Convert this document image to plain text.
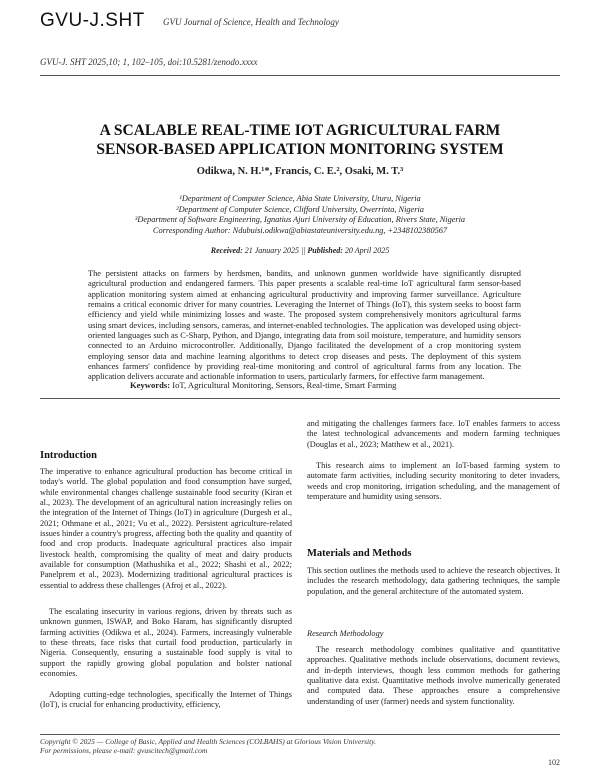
GVU-J.SHT GVU Journal of Science, Health and Technology
GVU-J. SHT 2025,10; 1, 102–105, doi:10.5281/zenodo.xxxx
A SCALABLE REAL-TIME IOT AGRICULTURAL FARM
SENSOR-BASED APPLICATION MONITORING SYSTEM
Odikwa, N. H.¹*, Francis, C. E.², Osaki, M. T.³
¹Department of Computer Science, Abia State University, Uturu, Nigeria
²Department of Computer Science, Clifford University, Owerrinta, Nigeria
³Department of Software Engineering, Ignatius Ajuri University of Education, Rivers State, Nigeria
Corresponding Author: Ndubuisi.odikwa@abiastateuniversity.edu.ng, +2348102380567
Received: 21 January 2025 || Published: 20 April 2025
The persistent attacks on farmers by herdsmen, bandits, and unknown gunmen worldwide have significantly disrupted agricultural production and endangered farmers. This paper presents a scalable real-time IoT agricultural farm sensor-based application monitoring system aimed at enhancing agricultural productivity and improving farmer surveillance. Agriculture remains a critical economic driver for many countries. Leveraging the Internet of Things (IoT), this system seeks to boost farm efficiency and yield while minimizing losses and waste. The proposed system comprehensively monitors agricultural farms using smart devices, including sensors, cameras, and internet-enabled technologies. The application was developed using object-oriented languages such as C-Sharp, Python, and Django, integrating data from soil moisture, temperature, and humidity sensors connected to an Arduino microcontroller. Additionally, Django facilitated the development of a crop monitoring system employing sensor data and machine learning algorithms to detect crop diseases and pests. The deployment of this system enhances farmers' confidence by providing real-time monitoring and control of agricultural farms from any location. The application delivers accurate and actionable information to users, particularly farmers, for effective farm management.
Keywords: IoT, Agricultural Monitoring, Sensors, Real-time, Smart Farming
Introduction
The imperative to enhance agricultural production has become critical in today's world. The global population and food consumption have surged, while environmental changes challenge sustainable food security (Kiran et al., 2023). The development of an agricultural nation increasingly relies on the integration of the Internet of Things (IoT) in agriculture (Durgesh et al., 2021; Othmane et al., 2021; Vu et al., 2022). Persistent agriculture-related issues hinder a country's progress, affecting both the quality and quantity of food and crop products. Inadequate agricultural practices also impair livestock health, compromising the quality of meat and dairy products available for consumption (Mathushika et al., 2022; Shashi et al., 2022; Panelprem et al., 2023). Modernizing traditional agricultural practices is essential to address these challenges (Afroj et al., 2022).
The escalating insecurity in various regions, driven by threats such as unknown gunmen, ISWAP, and Boko Haram, has significantly disrupted farming activities (Odikwa et al., 2024). Farmers, increasingly vulnerable to these threats, face risks that curtail food production, particularly in Nigeria. Consequently, ensuring a sustainable food supply is vital to support the rapidly growing global population and bolster national economies.
Adopting cutting-edge technologies, specifically the Internet of Things (IoT), is crucial for enhancing productivity, efficiency,
and mitigating the challenges farmers face. IoT enables farmers to access the latest technological advancements and modern farming techniques (Douglas et al., 2023; Matthew et al., 2021).
This research aims to implement an IoT-based farming system to automate farm activities, including security monitoring to deter invaders, weeds and crop monitoring, irrigation scheduling, and the management of temperature and humidity using sensors.
Materials and Methods
This section outlines the methods used to achieve the research objectives. It includes the research methodology, data gathering techniques, the sample population, and the general architecture of the automated system.
Research Methodology
The research methodology combines qualitative and quantitative approaches. Qualitative methods include observations, document reviews, and in-depth interviews, though less common methods for gathering qualitative data exist. Quantitative methods involve numerically generated and computed data. These approaches ensure a comprehensive understanding of user (farmer) needs and system functionality.
Copyright © 2025 — College of Basic, Applied and Health Sciences (COLBAHS) at Glorious Vision University.
For permissions, please e-mail: gvuscitech@gmail.com
102
